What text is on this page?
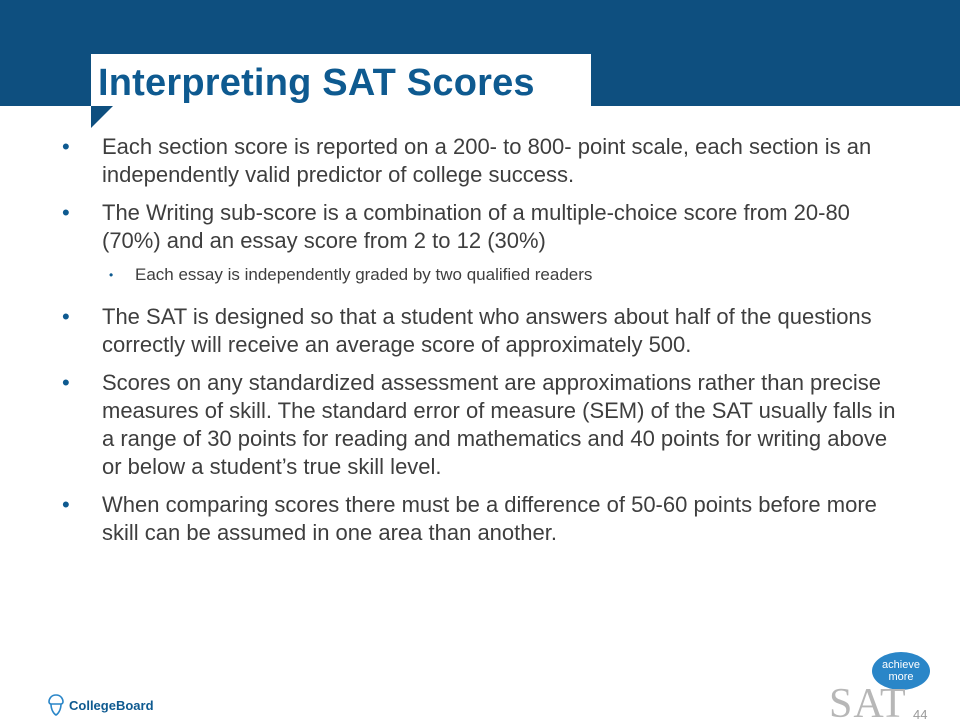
Interpreting SAT Scores
• Each section score is reported on a 200- to 800- point scale, each section is an independently valid predictor of college success.
• The Writing sub-score is a combination of a multiple-choice score from 20-80 (70%) and an essay score from 2 to 12 (30%)
• Each essay is independently graded by two qualified readers
• The SAT is designed so that a student who answers about half of the questions correctly will receive an average score of approximately 500.
• Scores on any standardized assessment are approximations rather than precise measures of skill. The standard error of measure (SEM) of the SAT usually falls in a range of 30 points for reading and mathematics and 40 points for writing above or below a student’s true skill level.
• When comparing scores there must be a difference of 50-60 points before more skill can be assumed in one area than another.
CollegeBoard
achieve
more
SAT 44
